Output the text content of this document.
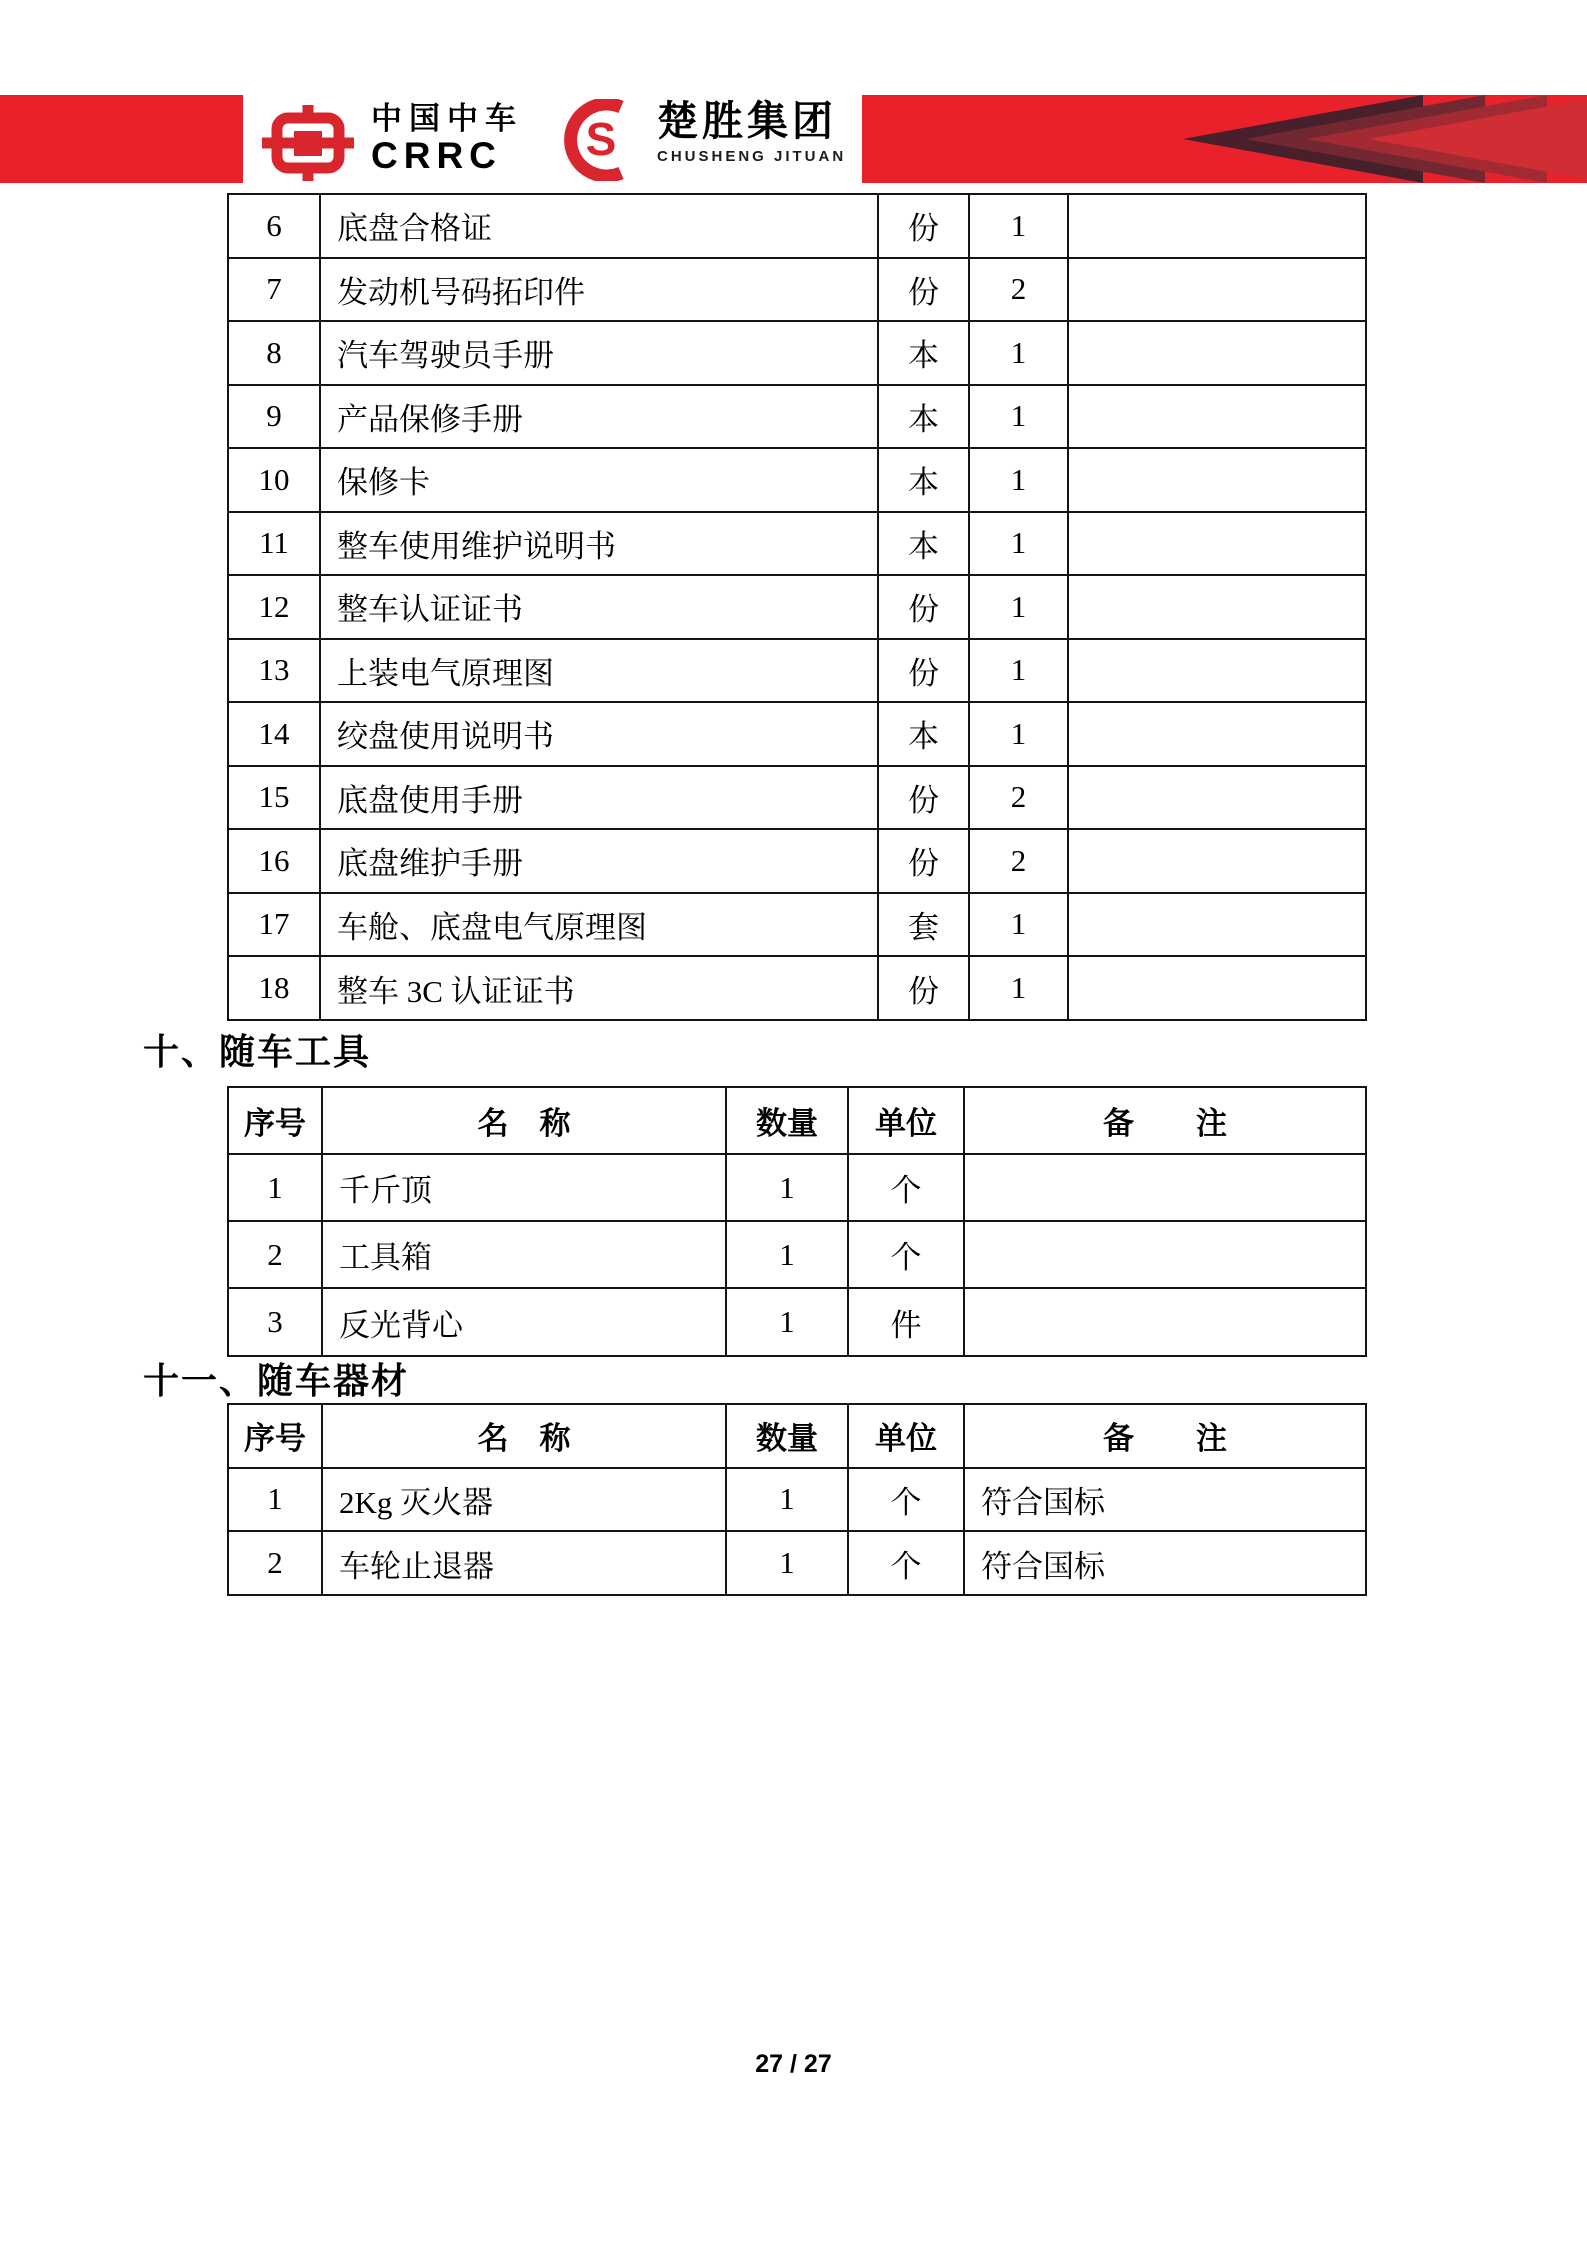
中国中车
CRRC	S 楚胜集团
CHUSHENG JITUAN
6	底盘合格证	份	1
7	发动机号码拓印件	份	2
8	汽车驾驶员手册	本	1
9	产品保修手册	本	1
10	保修卡	本	1
11	整车使用维护说明书	本	1
12	整车认证证书	份	1
13	上装电气原理图	份	1
14	绞盘使用说明书	本	1
15	底盘使用手册	份	2
16	底盘维护手册	份	2
17	车舱、底盘电气原理图	套	1
18	整车 3C 认证证书	份	1
十、随车工具
序号	名　称	数量	单位	备　　注
1	千斤顶	1	个
2	工具箱	1	个
3	反光背心	1	件
十一、随车器材
序号	名　称	数量	单位	备　　注
1	2Kg 灭火器	1	个	符合国标
2	车轮止退器	1	个	符合国标
27 / 27
